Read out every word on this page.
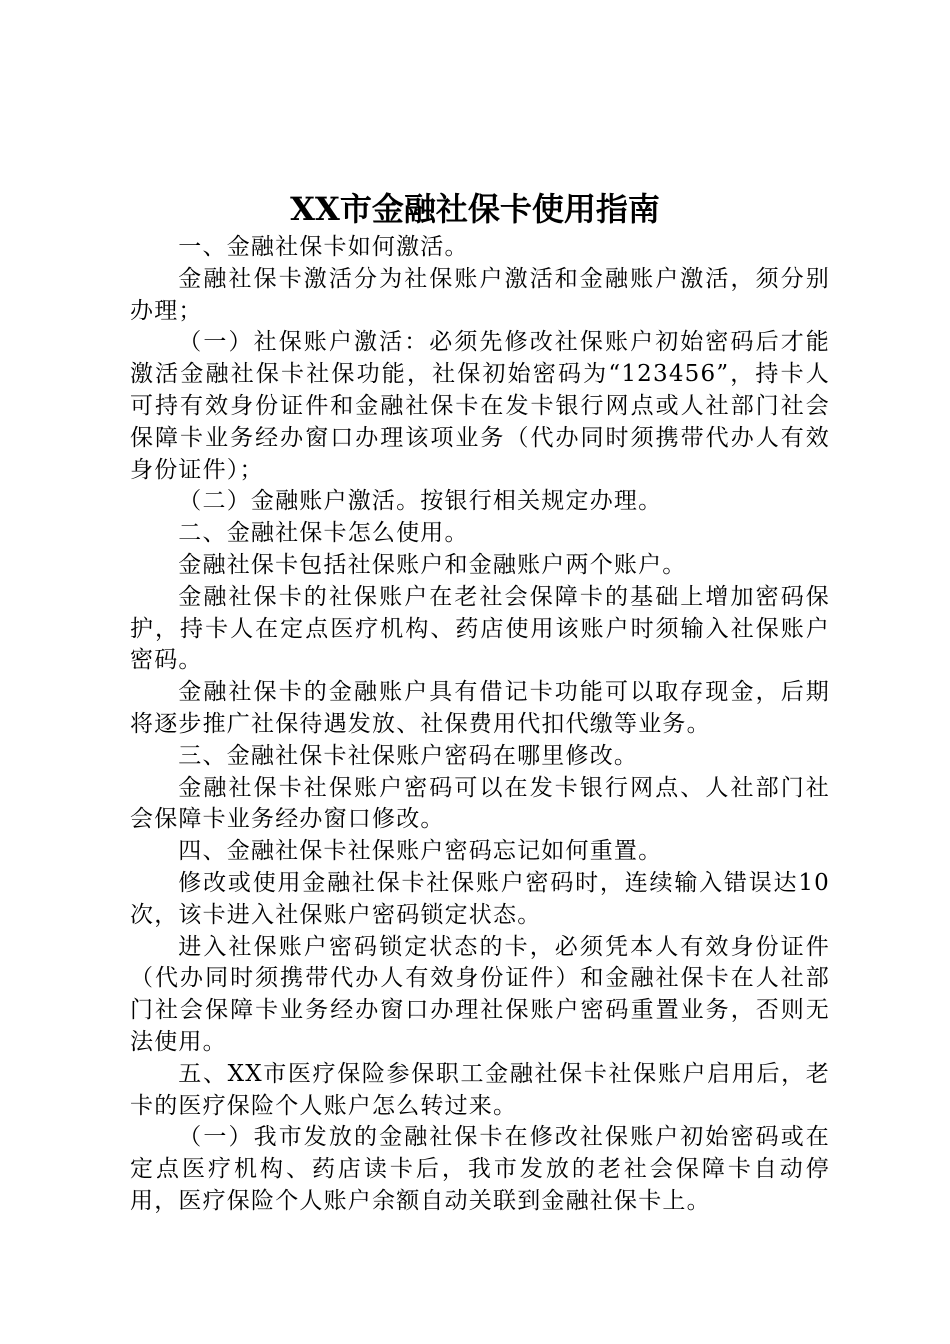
XX市金融社保卡使用指南

一、金融社保卡如何激活。

金融社保卡激活分为社保账户激活和金融账户激活，须分别办理；

（一）社保账户激活：必须先修改社保账户初始密码后才能激活金融社保卡社保功能，社保初始密码为“123456”，持卡人可持有效身份证件和金融社保卡在发卡银行网点或人社部门社会保障卡业务经办窗口办理该项业务（代办同时须携带代办人有效身份证件）；

（二）金融账户激活。按银行相关规定办理。

二、金融社保卡怎么使用。

金融社保卡包括社保账户和金融账户两个账户。

金融社保卡的社保账户在老社会保障卡的基础上增加密码保护，持卡人在定点医疗机构、药店使用该账户时须输入社保账户密码。

金融社保卡的金融账户具有借记卡功能可以取存现金，后期将逐步推广社保待遇发放、社保费用代扣代缴等业务。

三、金融社保卡社保账户密码在哪里修改。

金融社保卡社保账户密码可以在发卡银行网点、人社部门社会保障卡业务经办窗口修改。

四、金融社保卡社保账户密码忘记如何重置。

修改或使用金融社保卡社保账户密码时，连续输入错误达10次，该卡进入社保账户密码锁定状态。

进入社保账户密码锁定状态的卡，必须凭本人有效身份证件（代办同时须携带代办人有效身份证件）和金融社保卡在人社部门社会保障卡业务经办窗口办理社保账户密码重置业务，否则无法使用。

五、XX市医疗保险参保职工金融社保卡社保账户启用后，老卡的医疗保险个人账户怎么转过来。

（一）我市发放的金融社保卡在修改社保账户初始密码或在定点医疗机构、药店读卡后，我市发放的老社会保障卡自动停用，医疗保险个人账户余额自动关联到金融社保卡上。
